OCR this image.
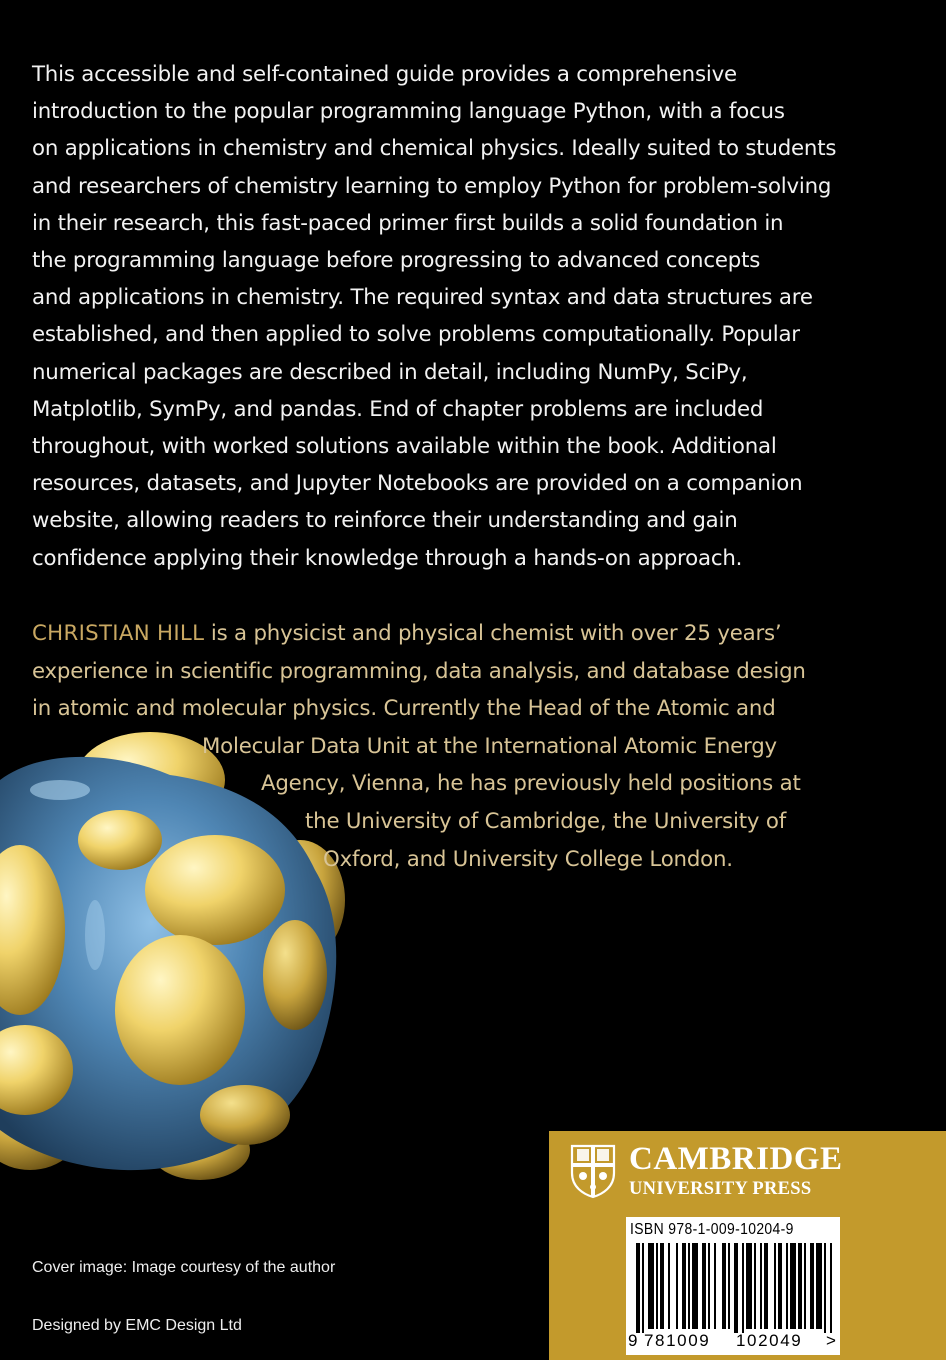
This accessible and self-contained guide provides a comprehensive
introduction to the popular programming language Python, with a focus
on applications in chemistry and chemical physics. Ideally suited to students
and researchers of chemistry learning to employ Python for problem-solving
in their research, this fast-paced primer first builds a solid foundation in
the programming language before progressing to advanced concepts
and applications in chemistry. The required syntax and data structures are
established, and then applied to solve problems computationally. Popular
numerical packages are described in detail, including NumPy, SciPy,
Matplotlib, SymPy, and pandas. End of chapter problems are included
throughout, with worked solutions available within the book. Additional
resources, datasets, and Jupyter Notebooks are provided on a companion
website, allowing readers to reinforce their understanding and gain
confidence applying their knowledge through a hands-on approach.
CHRISTIAN HILL is a physicist and physical chemist with over 25 years’
experience in scientific programming, data analysis, and database design
in atomic and molecular physics. Currently the Head of the Atomic and
Molecular Data Unit at the International Atomic Energy
Agency, Vienna, he has previously held positions at
the University of Cambridge, the University of
Oxford, and University College London.
Cover image: Image courtesy of the author
Designed by EMC Design Ltd
CAMBRIDGE
UNIVERSITY PRESS
ISBN 978-1-009-10204-9
9 781009 102049 >
